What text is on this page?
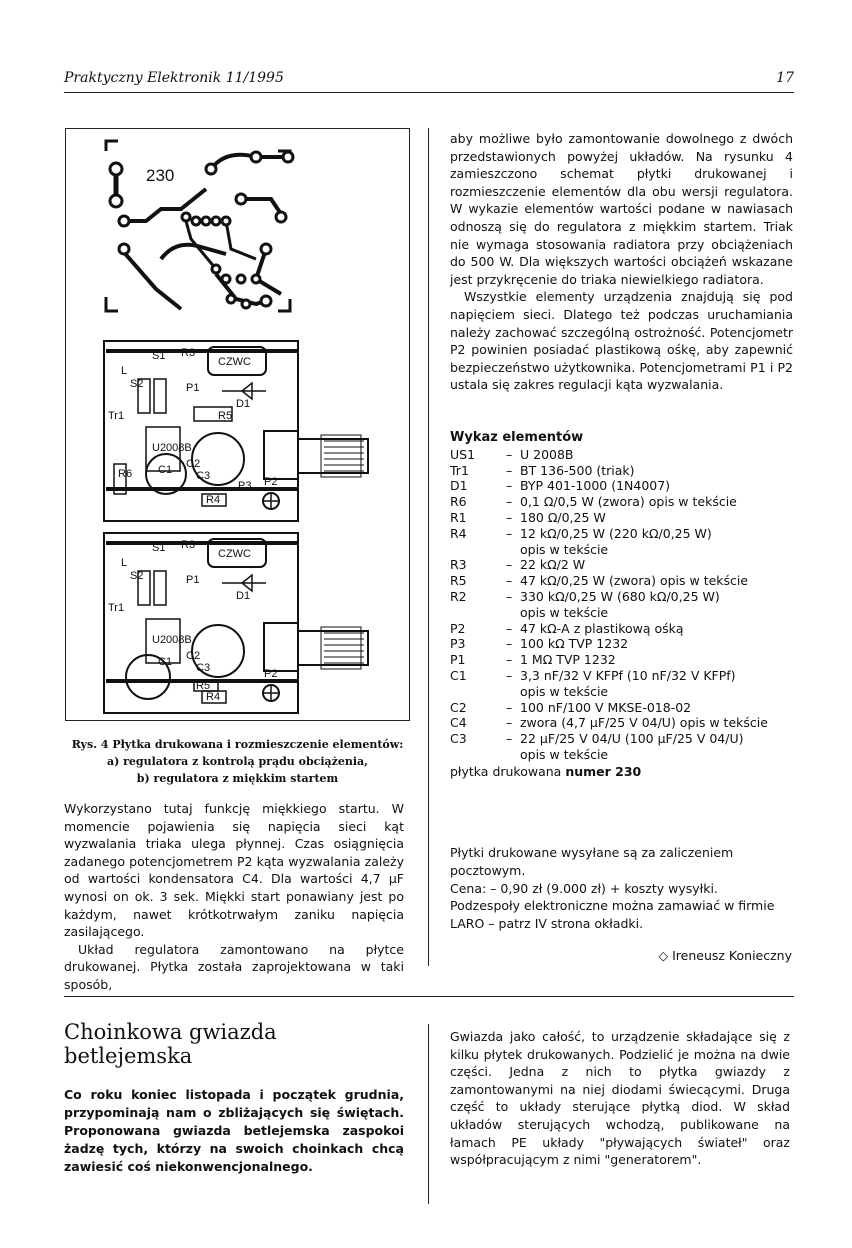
Praktyczny Elektronik 11/1995	17
230
S1 R3
CZWC
L
S2	P1
D1
Tr1	R5
U2008B
R6 C1 C2
C3
P3 P2
R4
S1 R3
CZWC
L
S2	P1
D1
Tr1
U2008B
C1 C2
C3
R5
R4
P2
Rys. 4 Płytka drukowana i rozmieszczenie elementów:
a) regulatora z kontrolą prądu obciążenia,
b) regulatora z miękkim startem

Wykorzystano tutaj funkcję miękkiego startu. W momencie pojawienia się napięcia sieci kąt wyzwalania triaka ulega płynnej. Czas osiągnięcia zadanego potencjometrem P2 kąta wyzwalania zależy od wartości kondensatora C4. Dla wartości 4,7 μF wynosi on ok. 3 sek. Miękki start ponawiany jest po każdym, nawet krótkotrwałym zaniku napięcia zasilającego.

Układ regulatora zamontowano na płytce drukowanej. Płytka została zaprojektowana w taki sposób,

aby możliwe było zamontowanie dowolnego z dwóch przedstawionych powyżej układów. Na rysunku 4 zamieszczono schemat płytki drukowanej i rozmieszczenie elementów dla obu wersji regulatora. W wykazie elementów wartości podane w nawiasach odnoszą się do regulatora z miękkim startem. Triak nie wymaga stosowania radiatora przy obciążeniach do 500 W. Dla większych wartości obciążeń wskazane jest przykręcenie do triaka niewielkiego radiatora.

Wszystkie elementy urządzenia znajdują się pod napięciem sieci. Dlatego też podczas uruchamiania należy zachować szczególną ostrożność. Potencjometr P2 powinien posiadać plastikową ośkę, aby zapewnić bezpieczeństwo użytkownika. Potencjometrami P1 i P2 ustala się zakres regulacji kąta wyzwalania.

Wykaz elementów
US1	– U 2008B
Tr1	– BT 136-500 (triak)
D1	– BYP 401-1000 (1N4007)
R6	– 0,1 Ω/0,5 W (zwora) opis w tekście
R1	– 180 Ω/0,25 W
R4	– 12 kΩ/0,25 W (220 kΩ/0,25 W)
opis w tekście
R3	– 22 kΩ/2 W
R5	– 47 kΩ/0,25 W (zwora) opis w tekście
R2	– 330 kΩ/0,25 W (680 kΩ/0,25 W)
opis w tekście
P2	– 47 kΩ-A z plastikową ośką
P3	– 100 kΩ TVP 1232
P1	– 1 MΩ TVP 1232
C1	– 3,3 nF/32 V KFPf (10 nF/32 V KFPf)
opis w tekście
C2	– 100 nF/100 V MKSE-018-02
C4	– zwora (4,7 μF/25 V 04/U) opis w tekście
C3	– 22 μF/25 V 04/U (100 μF/25 V 04/U)
opis w tekście
płytka drukowana numer 230

Płytki drukowane wysyłane są za zaliczeniem pocztowym.

Cena: – 0,90 zł (9.000 zł) + koszty wysyłki.

Podzespoły elektroniczne można zamawiać w firmie LARO – patrz IV strona okładki.

◇ Ireneusz Konieczny
Choinkowa gwiazda
betlejemska
Co roku koniec listopada i początek grudnia, przypominają nam o zbliżających się świętach. Proponowana gwiazda betlejemska zaspokoi żadzę tych, którzy na swoich choinkach chcą zawiesić coś niekonwencjonalnego.

Gwiazda jako całość, to urządzenie składające się z kilku płytek drukowanych. Podzielić je można na dwie części. Jedna z nich to płytka gwiazdy z zamontowanymi na niej diodami świecącymi. Druga część to układy sterujące płytką diod. W skład układów sterujących wchodzą, publikowane na łamach PE układy "pływających świateł" oraz współpracującym z nimi "generatorem".
